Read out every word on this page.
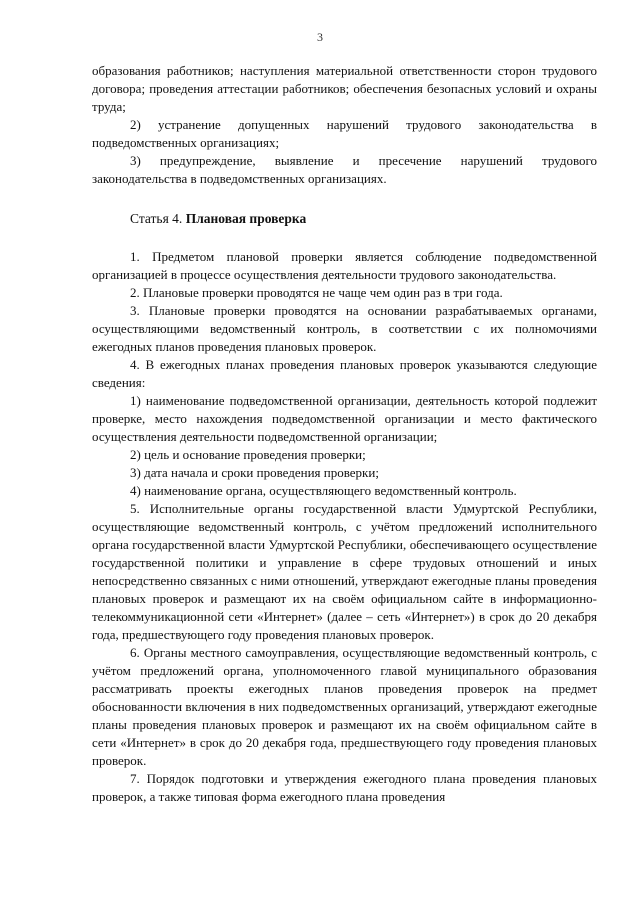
3

образования работников; наступления материальной ответственности сторон трудового договора; проведения аттестации работников; обеспечения безопасных условий и охраны труда;

2) устранение допущенных нарушений трудового законодательства в подведомственных организациях;

3) предупреждение, выявление и пресечение нарушений трудового законодательства в подведомственных организациях.

Статья 4. Плановая проверка

1. Предметом плановой проверки является соблюдение подведомственной организацией в процессе осуществления деятельности трудового законодательства.

2. Плановые проверки проводятся не чаще чем один раз в три года.

3. Плановые проверки проводятся на основании разрабатываемых органами, осуществляющими ведомственный контроль, в соответствии с их полномочиями ежегодных планов проведения плановых проверок.

4. В ежегодных планах проведения плановых проверок указываются следующие сведения:

1) наименование подведомственной организации, деятельность которой подлежит проверке, место нахождения подведомственной организации и место фактического осуществления деятельности подведомственной организации;

2) цель и основание проведения проверки;

3) дата начала и сроки проведения проверки;

4) наименование органа, осуществляющего ведомственный контроль.

5. Исполнительные органы государственной власти Удмуртской Республики, осуществляющие ведомственный контроль, с учётом предложений исполнительного органа государственной власти Удмуртской Республики, обеспечивающего осуществление государственной политики и управление в сфере трудовых отношений и иных непосредственно связанных с ними отношений, утверждают ежегодные планы проведения плановых проверок и размещают их на своём официальном сайте в информационно-телекоммуникационной сети «Интернет» (далее – сеть «Интернет») в срок до 20 декабря года, предшествующего году проведения плановых проверок.

6. Органы местного самоуправления, осуществляющие ведомственный контроль, с учётом предложений органа, уполномоченного главой муниципального образования рассматривать проекты ежегодных планов проведения проверок на предмет обоснованности включения в них подведомственных организаций, утверждают ежегодные планы проведения плановых проверок и размещают их на своём официальном сайте в сети «Интернет» в срок до 20 декабря года, предшествующего году проведения плановых проверок.

7. Порядок подготовки и утверждения ежегодного плана проведения плановых проверок, а также типовая форма ежегодного плана проведения
